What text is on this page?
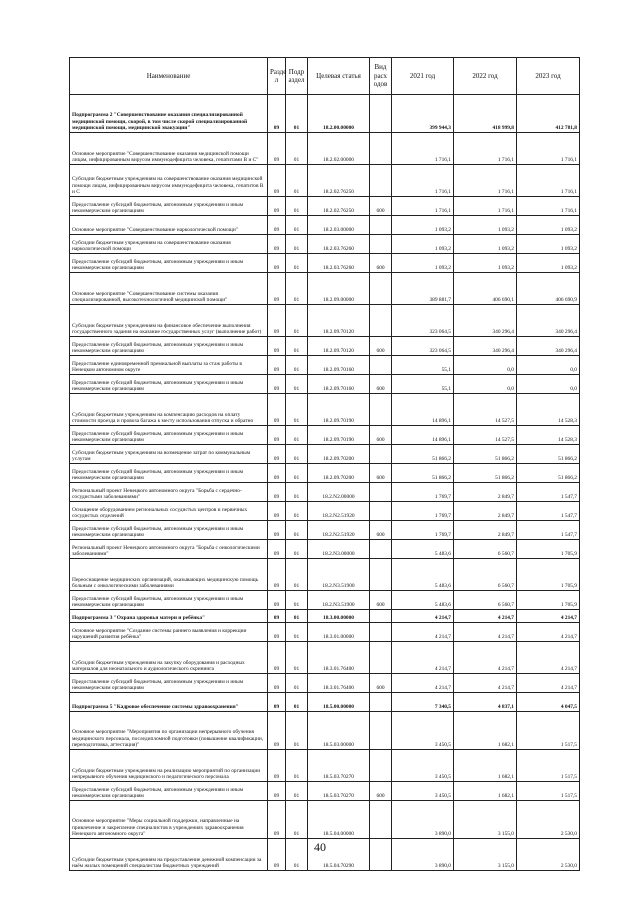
Наименование	Разде л	Подр аздел	Целевая статья	Вид расх одов	2021 год	2022 год	2023 год
Подпрограмма 2 "Совершенствование оказания специализированной медицинской помощи, скорой, в том числе скорой специализированной медицинской помощи, медицинской эвакуации"	09	01	18.2.00.00000		399 944,3	418 999,8	412 781,8
Основное мероприятие "Совершенствование оказания медицинской помощи лицам, инфицированным вирусом иммунодефицита человека, гепатитами В и С"	09	01	18.2.02.00000		1 716,1	1 716,1	1 716,1
Субсидии бюджетным учреждениям на совершенствование оказания медицинской помощи лицам, инфицированным вирусом иммунодефицита человека, гепатитов В и С	09	01	18.2.02.76250		1 716,1	1 716,1	1 716,1
Предоставление субсидий бюджетным, автономным учреждениям и иным некоммерческим организациям	09	01	18.2.02.76250	600	1 716,1	1 716,1	1 716,1
Основное мероприятие "Совершенствование наркологической помощи"	09	01	18.2.03.00000		1 093,2	1 093,2	1 093,2
Субсидии бюджетным учреждениям на совершенствование оказания наркологической помощи	09	01	18.2.03.76260		1 093,2	1 093,2	1 093,2
Предоставление субсидий бюджетным, автономным учреждениям и иным некоммерческим организациям	09	01	18.2.03.76260	600	1 093,2	1 093,2	1 093,2
Основное мероприятие "Совершенствование системы оказания специализированной, высокотехнологичной медицинской помощи"	09	01	18.2.09.00000		389 881,7	406 690,1	406 690,9
Субсидии бюджетным учреждениям на финансовое обеспечение выполнения государственного задания на оказание государственных услуг (выполнение работ)	09	01	18.2.09.70120		323 064,5	340 296,4	340 296,4
Предоставление субсидий бюджетным, автономным учреждениям и иным некоммерческим организациям	09	01	18.2.09.70120	600	323 064,5	340 296,4	340 296,4
Предоставление единовременной премиальной выплаты за стаж работы в Ненецком автономном округе	09	01	18.2.09.70160		55,1	0,0	0,0
Предоставление субсидий бюджетным, автономным учреждениям и иным некоммерческим организациям	09	01	18.2.09.70160	600	55,1	0,0	0,0
Субсидии бюджетным учреждениям на компенсацию расходов на оплату стоимости проезда и провоза багажа к месту использования отпуска и обратно	09	01	18.2.09.70190		14 896,1	14 527,5	14 528,3
Предоставление субсидий бюджетным, автономным учреждениям и иным некоммерческим организациям	09	01	18.2.09.70190	600	14 896,1	14 527,5	14 528,3
Субсидии бюджетным учреждениям на возмещение затрат по коммунальным услугам	09	01	18.2.09.70200		51 866,2	51 866,2	51 866,2
Предоставление субсидий бюджетным, автономным учреждениям и иным некоммерческим организациям	09	01	18.2.09.70200	600	51 866,2	51 866,2	51 866,2
Региональный проект Ненецкого автономного округа "Борьба с сердечно-сосудистыми заболеваниями"	09	01	18.2.N2.00000		1 769,7	2 849,7	1 547,7
Оснащение оборудованием региональных сосудистых центров и первичных сосудистых отделений	09	01	18.2.N2.51920		1 769,7	2 849,7	1 547,7
Предоставление субсидий бюджетным, автономным учреждениям и иным некоммерческим организациям	09	01	18.2.N2.51920	600	1 769,7	2 849,7	1 547,7
Региональный проект Ненецкого автономного округа "Борьба с онкологическими заболеваниями"	09	01	18.2.N3.00000		5 483,6	6 560,7	1 705,9
Переоснащение медицинских организаций, оказывающих медицинскую помощь больным с онкологическими заболеваниями	09	01	18.2.N3.51900		5 483,6	6 560,7	1 705,9
Предоставление субсидий бюджетным, автономным учреждениям и иным некоммерческим организациям	09	01	18.2.N3.51900	600	5 483,6	6 560,7	1 705,9
Подпрограмма 3 "Охрана здоровья матери и ребёнка"	09	01	18.3.00.00000		4 214,7	4 214,7	4 214,7
Основное мероприятие "Создание системы раннего выявления и коррекции нарушений развития ребёнка"	09	01	18.3.01.00000		4 214,7	4 214,7	4 214,7
Субсидии бюджетным учреждениям на закупку оборудования и расходных материалов для неонатального и аудиологического скрининга	09	01	18.3.01.76400		4 214,7	4 214,7	4 214,7
Предоставление субсидий бюджетным, автономным учреждениям и иным некоммерческим организациям	09	01	18.3.01.76400	600	4 214,7	4 214,7	4 214,7
Подпрограмма 5 "Кадровое обеспечение системы здравоохранения"	09	01	18.5.00.00000		7 340,5	4 837,1	4 047,5
Основное мероприятие "Мероприятия по организации непрерывного обучения медицинского персонала, последипломной подготовки (повышение квалификации, переподготовка, аттестация)"	09	01	18.5.03.00000		3 450,5	1 682,1	1 517,5
Субсидии бюджетным учреждениям на реализацию мероприятий по организации непрерывного обучения медицинского и педагогического персонала	09	01	18.5.03.70270		3 450,5	1 682,1	1 517,5
Предоставление субсидий бюджетным, автономным учреждениям и иным некоммерческим организациям	09	01	18.5.03.70270	600	3 450,5	1 682,1	1 517,5
Основное мероприятие "Меры социальной поддержки, направленные на привлечение и закрепление специалистов в учреждениях здравоохранения Ненецкого автономного округа"	09	01	18.5.04.00000		3 890,0	3 155,0	2 530,0
Субсидии бюджетным учреждениям на предоставление денежной компенсации за наём жилых помещений специалистам бюджетных учреждений	09	01	18.5.04.70290		3 890,0	3 155,0	2 530,0
40
